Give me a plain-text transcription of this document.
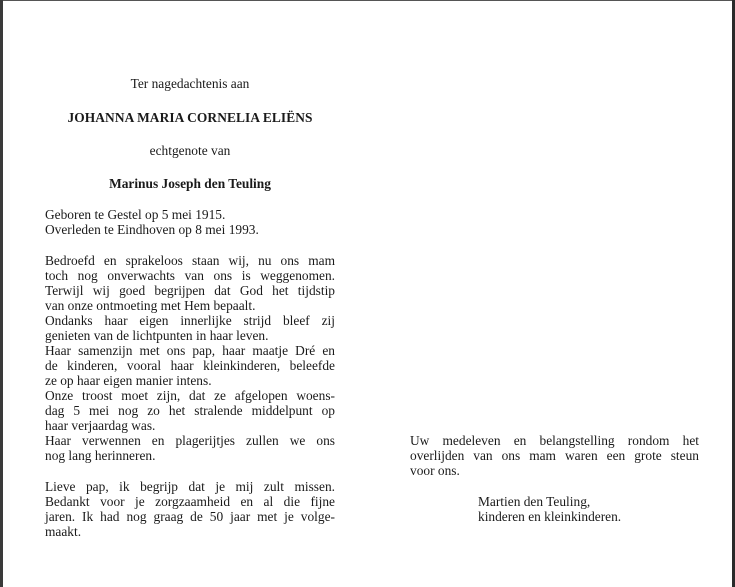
Ter nagedachtenis aan
JOHANNA MARIA CORNELIA ELIËNS
echtgenote van
Marinus Joseph den Teuling
Geboren te Gestel op 5 mei 1915.
Overleden te Eindhoven op 8 mei 1993.
Bedroefd en sprakeloos staan wij, nu ons mam
toch nog onverwachts van ons is weggenomen.
Terwijl wij goed begrijpen dat God het tijdstip
van onze ontmoeting met Hem bepaalt.
Ondanks haar eigen innerlijke strijd bleef zij
genieten van de lichtpunten in haar leven.
Haar samenzijn met ons pap, haar maatje Dré en
de kinderen, vooral haar kleinkinderen, beleefde
ze op haar eigen manier intens.
Onze troost moet zijn, dat ze afgelopen woens-
dag 5 mei nog zo het stralende middelpunt op
haar verjaardag was.
Haar verwennen en plagerijtjes zullen we ons
nog lang herinneren.
Lieve pap, ik begrijp dat je mij zult missen.
Bedankt voor je zorgzaamheid en al die fijne
jaren. Ik had nog graag de 50 jaar met je volge-
maakt.
Uw medeleven en belangstelling rondom het
overlijden van ons mam waren een grote steun
voor ons.
Martien den Teuling,
kinderen en kleinkinderen.
